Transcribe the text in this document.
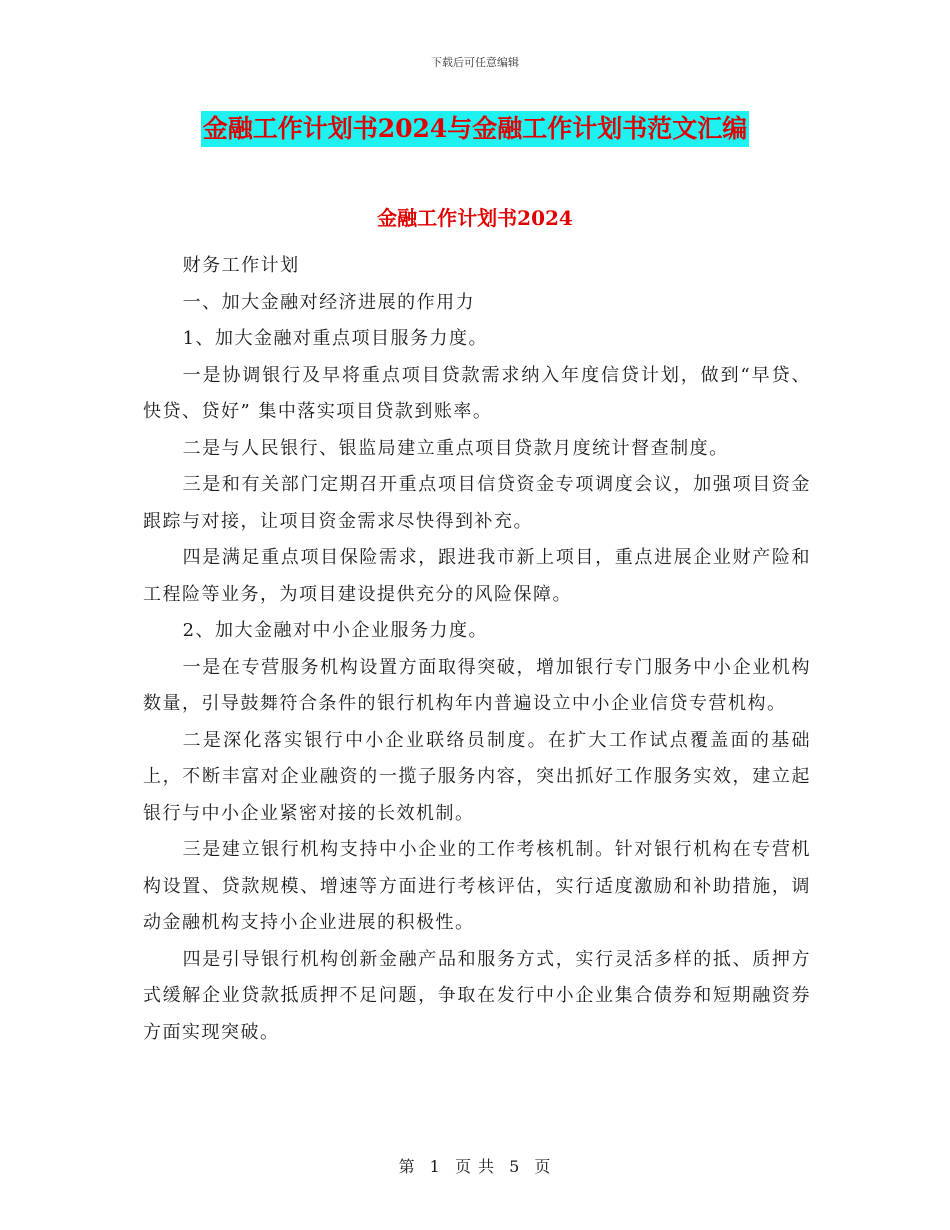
下载后可任意编辑
金融工作计划书2024与金融工作计划书范文汇编
金融工作计划书2024

财务工作计划

一、加大金融对经济进展的作用力

1、加大金融对重点项目服务力度。

一是协调银行及早将重点项目贷款需求纳入年度信贷计划，做到“早贷、快贷、贷好” 集中落实项目贷款到账率。

二是与人民银行、银监局建立重点项目贷款月度统计督查制度。

三是和有关部门定期召开重点项目信贷资金专项调度会议，加强项目资金跟踪与对接，让项目资金需求尽快得到补充。

四是满足重点项目保险需求，跟进我市新上项目，重点进展企业财产险和工程险等业务，为项目建设提供充分的风险保障。

2、加大金融对中小企业服务力度。

一是在专营服务机构设置方面取得突破，增加银行专门服务中小企业机构数量，引导鼓舞符合条件的银行机构年内普遍设立中小企业信贷专营机构。

二是深化落实银行中小企业联络员制度。在扩大工作试点覆盖面的基础上，不断丰富对企业融资的一揽子服务内容，突出抓好工作服务实效，建立起银行与中小企业紧密对接的长效机制。

三是建立银行机构支持中小企业的工作考核机制。针对银行机构在专营机构设置、贷款规模、增速等方面进行考核评估，实行适度激励和补助措施，调动金融机构支持小企业进展的积极性。

四是引导银行机构创新金融产品和服务方式，实行灵活多样的抵、质押方式缓解企业贷款抵质押不足问题，争取在发行中小企业集合债券和短期融资券方面实现突破。

第 1 页 共 5 页
